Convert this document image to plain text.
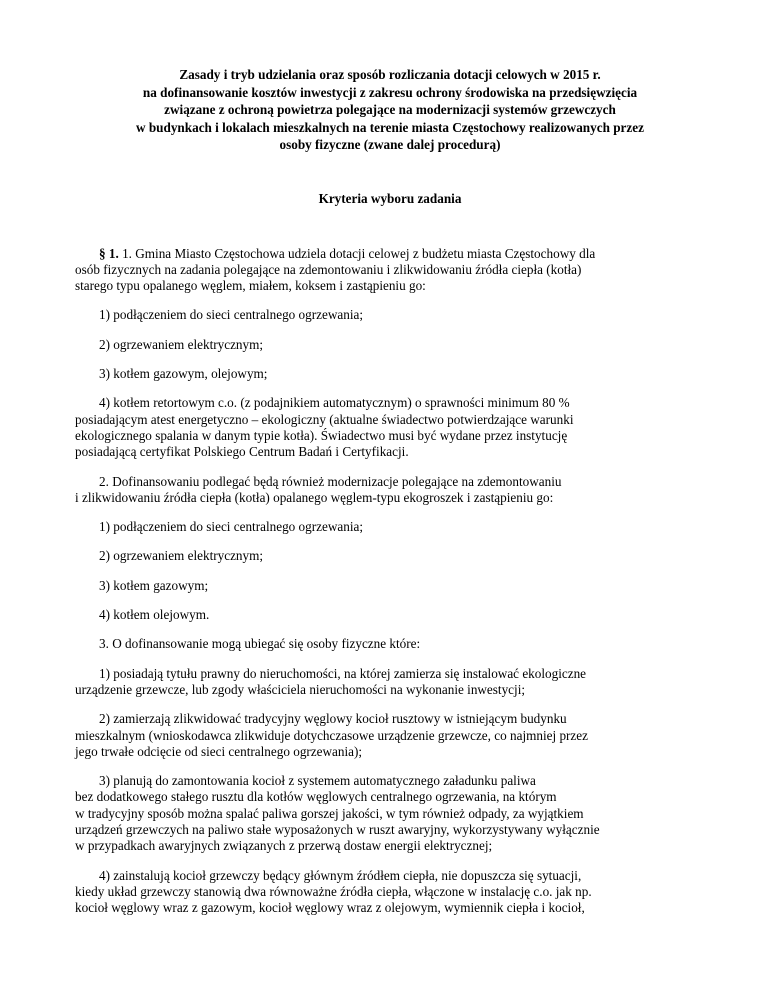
Zasady i tryb udzielania oraz sposób rozliczania dotacji celowych w 2015 r.
na dofinansowanie kosztów inwestycji z zakresu ochrony środowiska na przedsięwzięcia
związane z ochroną powietrza polegające na modernizacji systemów grzewczych
w budynkach i lokalach mieszkalnych na terenie miasta Częstochowy realizowanych przez
osoby fizyczne (zwane dalej procedurą)
Kryteria wyboru zadania
§ 1. 1. Gmina Miasto Częstochowa udziela dotacji celowej z budżetu miasta Częstochowy dla
osób fizycznych na zadania polegające na zdemontowaniu i zlikwidowaniu źródła ciepła (kotła)
starego typu opalanego węglem, miałem, koksem i zastąpieniu go:
1) podłączeniem do sieci centralnego ogrzewania;
2) ogrzewaniem elektrycznym;
3) kotłem gazowym, olejowym;
4) kotłem retortowym c.o. (z podajnikiem automatycznym) o sprawności minimum 80 %
posiadającym atest energetyczno – ekologiczny (aktualne świadectwo potwierdzające warunki
ekologicznego spalania w danym typie kotła). Świadectwo musi być wydane przez instytucję
posiadającą certyfikat Polskiego Centrum Badań i Certyfikacji.
2. Dofinansowaniu podlegać będą również modernizacje polegające na zdemontowaniu
i zlikwidowaniu źródła ciepła (kotła) opalanego węglem-typu ekogroszek i zastąpieniu go:
1) podłączeniem do sieci centralnego ogrzewania;
2) ogrzewaniem elektrycznym;
3) kotłem gazowym;
4) kotłem olejowym.
3. O dofinansowanie mogą ubiegać się osoby fizyczne które:
1) posiadają tytułu prawny do nieruchomości, na której zamierza się instalować ekologiczne
urządzenie grzewcze, lub zgody właściciela nieruchomości na wykonanie inwestycji;
2) zamierzają zlikwidować tradycyjny węglowy kocioł rusztowy w istniejącym budynku
mieszkalnym (wnioskodawca zlikwiduje dotychczasowe urządzenie grzewcze, co najmniej przez
jego trwałe odcięcie od sieci centralnego ogrzewania);
3) planują do zamontowania kocioł z systemem automatycznego załadunku paliwa
bez dodatkowego stałego rusztu dla kotłów węglowych centralnego ogrzewania, na którym
w tradycyjny sposób można spalać paliwa gorszej jakości, w tym również odpady, za wyjątkiem
urządzeń grzewczych na paliwo stałe wyposażonych w ruszt awaryjny, wykorzystywany wyłącznie
w przypadkach awaryjnych związanych z przerwą dostaw energii elektrycznej;
4) zainstalują kocioł grzewczy będący głównym źródłem ciepła, nie dopuszcza się sytuacji,
kiedy układ grzewczy stanowią dwa równoważne źródła ciepła, włączone w instalację c.o. jak np.
kocioł węglowy wraz z gazowym, kocioł węglowy wraz z olejowym, wymiennik ciepła i kocioł,
